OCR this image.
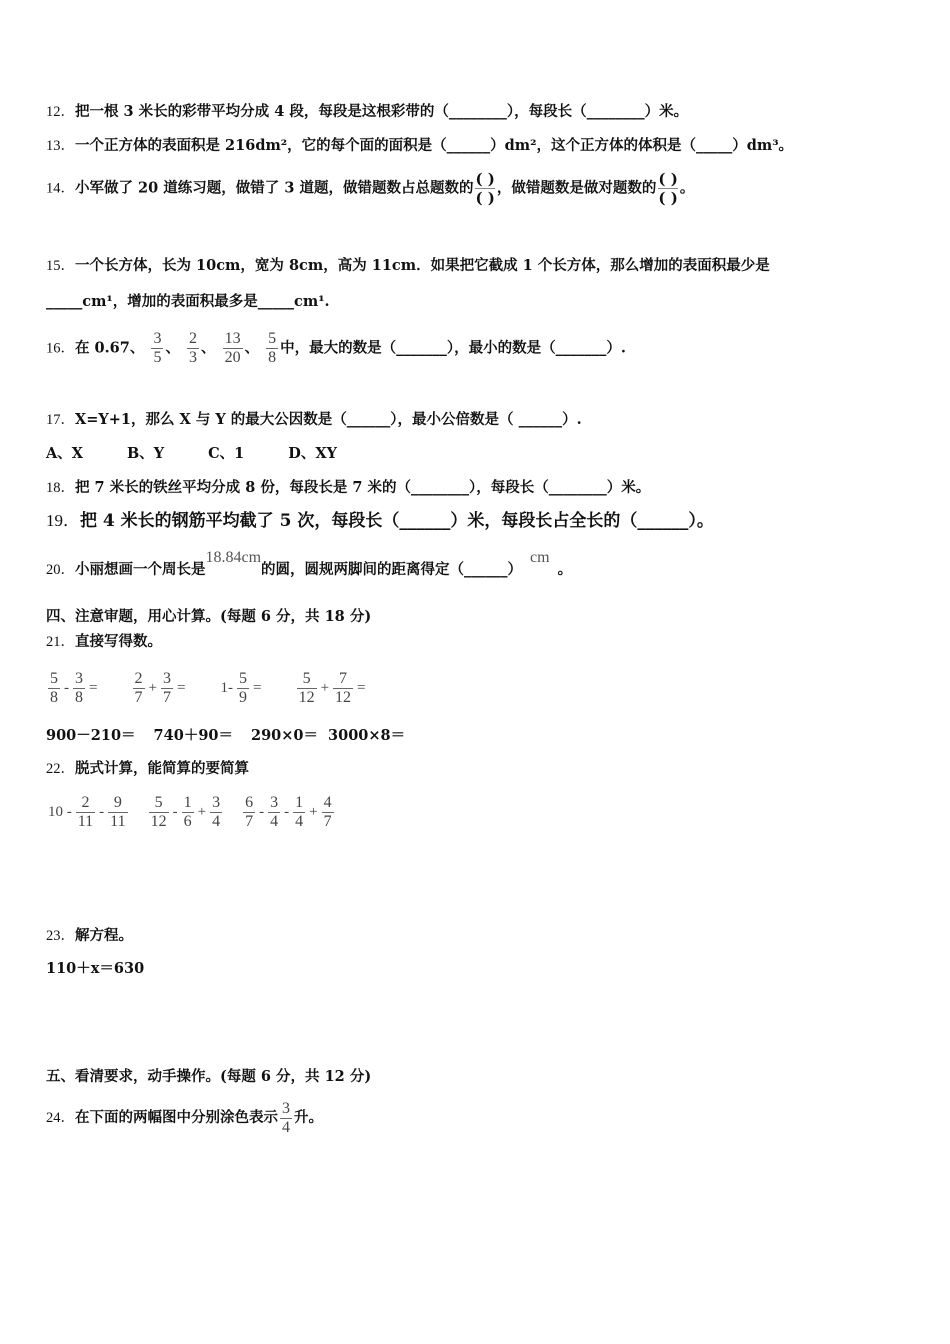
12．把一根 3 米长的彩带平均分成 4 段，每段是这根彩带的（________），每段长（________）米。
13．一个正方体的表面积是 216dm²，它的每个面的面积是（______）dm²，这个正方体的体积是（_____）dm³。
14．小军做了 20 道练习题，做错了 3 道题，做错题数占总题数的 ( )
( )
，做错题数是做对题数的 ( )
( )
。
15．一个长方体，长为 10cm，宽为 8cm，高为 11cm．如果把它截成 1 个长方体，那么增加的表面积最少是
_____cm¹，增加的表面积最多是_____cm¹.
16．在 0.67、 $\frac{3}{5}$ 、 $\frac{2}{3}$ 、 $\frac{13}{20}$ 、 $\frac{5}{8}$ 中，最大的数是（_______），最小的数是（_______）.
17．X=Y+1，那么 X 与 Y 的最大公因数是（______），最小公倍数是（ ______）.
A、X	B、Y	C、1	D、XY
18．把 7 米长的铁丝平均分成 8 份，每段长是 7 米的（________），每段长（________）米。
19．把 4 米长的钢筋平均截了 5 次，每段长（______）米，每段长占全长的（______）。
20．小丽想画一个周长是18.84cm的圆，圆规两脚间的距离得定（______）cm。
四、注意审题，用心计算。(每题 6 分，共 18 分)
21．直接写得数。
$\frac{5}{8} - \frac{3}{8} = \frac{2}{7} + \frac{3}{7} = 1- \frac{5}{9} = \frac{5}{12} + \frac{7}{12}$ =
900－210＝ 740＋90＝ 290×0＝ 3000×8＝
22．脱式计算，能简算的要简算
$10 - \frac{2}{11} - \frac{9}{11}$
$\frac{5}{12} - \frac{1}{6} + \frac{3}{4}$
$\frac{6}{7} - \frac{3}{4} - \frac{1}{4} + \frac{4}{7}$
23．解方程。
110＋x＝630
五、看清要求，动手操作。(每题 6 分，共 12 分)
24．在下面的两幅图中分别涂色表示 $\frac{3}{4}$ 升。
